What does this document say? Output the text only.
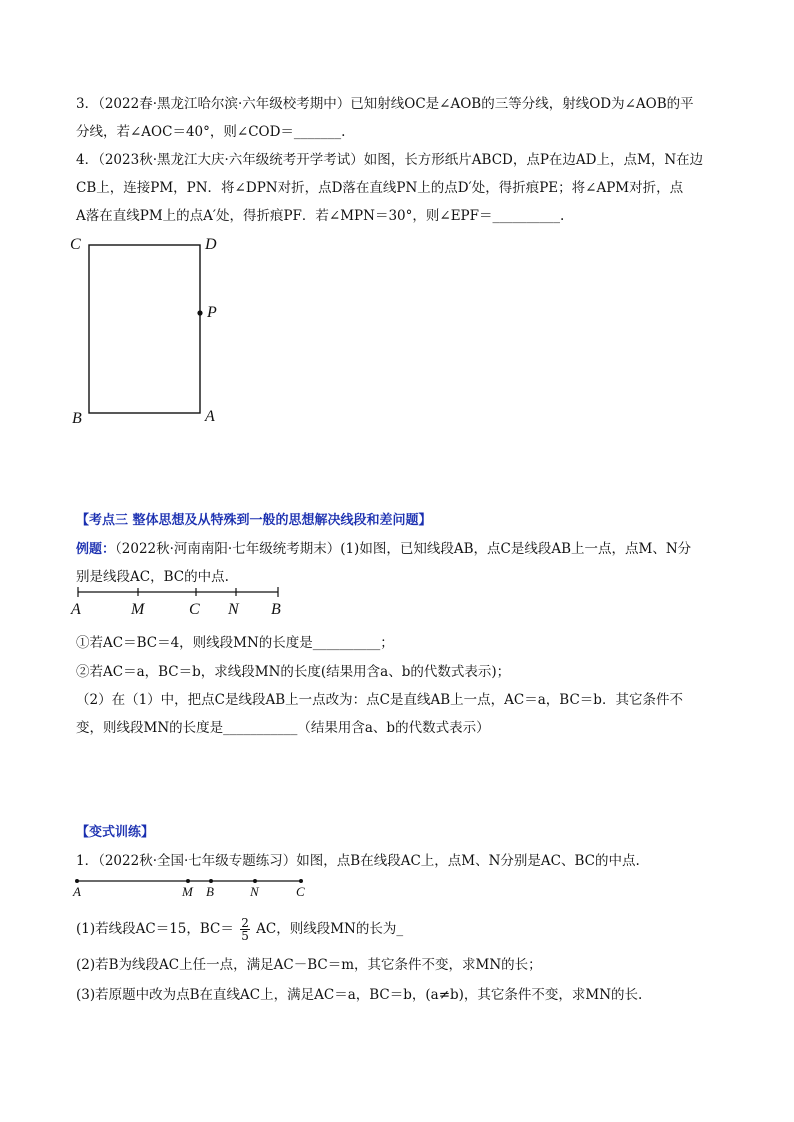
3．（2022春·黑龙江哈尔滨·六年级校考期中）已知射线OC是∠AOB的三等分线，射线OD为∠AOB的平
分线，若∠AOC＝40°，则∠COD＝_______.
4．（2023秋·黑龙江大庆·六年级统考开学考试）如图，长方形纸片ABCD，点P在边AD上，点M，N在边
CB上，连接PM，PN．将∠DPN对折，点D落在直线PN上的点D′处，得折痕PE；将∠APM对折，点
A落在直线PM上的点A′处，得折痕PF．若∠MPN＝30°，则∠EPF＝__________.
C	D
P
B	A
【考点三 整体思想及从特殊到一般的思想解决线段和差问题】
例题：（2022秋·河南南阳·七年级统考期末）(1)如图，已知线段AB，点C是线段AB上一点，点M、N分
别是线段AC，BC的中点.
A	M	C N B
①若AC＝BC＝4，则线段MN的长度是__________；
②若AC＝a，BC＝b，求线段MN的长度(结果用含a、b的代数式表示)；
（2）在（1）中，把点C是线段AB上一点改为：点C是直线AB上一点，AC＝a，BC＝b．其它条件不
变，则线段MN的长度是___________（结果用含a、b的代数式表示）
【变式训练】
1．（2022秋·全国·七年级专题练习）如图，点B在线段AC上，点M、N分别是AC、BC的中点.
A	M B	N	C
(1)若线段AC＝15，$BC= \frac{2}{5}$ AC，则线段MN的长为_
(2)若B为线段AC上任一点，满足AC－BC＝m，其它条件不变，求MN的长；
(3)若原题中改为点B在直线AC上，满足AC＝a，BC＝b，(a≠b)，其它条件不变，求MN的长.
